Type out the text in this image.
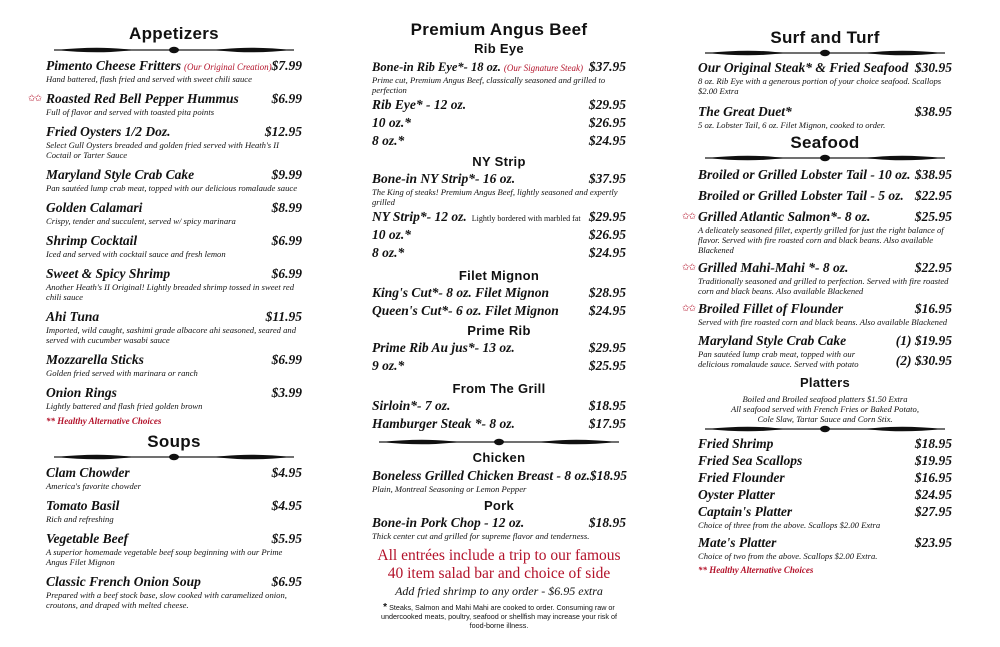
Appetizers
Pimento Cheese Fritters (Our Original Creation) $7.99
Hand battered, flash fried and served with sweet chili sauce
✩✩ Roasted Red Bell Pepper Hummus $6.99
Full of flavor and served with toasted pita points
Fried Oysters 1/2 Doz.	$12.95
Select Gull Oysters breaded and golden fried served with Heath's II Coctail or Tarter Sauce
Maryland Style Crab Cake	$9.99
Pan sautéed lump crab meat, topped with our delicious romalaude sauce
Golden Calamari	$8.99
Crispy, tender and succulent, served w/ spicy marinara
Shrimp Cocktail	$6.99
Iced and served with cocktail sauce and fresh lemon
Sweet & Spicy Shrimp	$6.99
Another Heath's II Original! Lightly breaded shrimp tossed in sweet red chili sauce
Ahi Tuna	$11.95
Imported, wild caught, sashimi grade albacore ahi seasoned, seared and served with cucumber wasabi sauce
Mozzarella Sticks	$6.99
Golden fried served with marinara or ranch
Onion Rings	$3.99
Lightly battered and flash fried golden brown
** Healthy Alternative Choices
Soups
Clam Chowder	$4.95
America's favorite chowder
Tomato Basil	$4.95
Rich and refreshing
Vegetable Beef	$5.95
A superior homemade vegetable beef soup beginning with our Prime Angus Filet Mignon
Classic French Onion Soup	$6.95
Prepared with a beef stock base, slow cooked with caramelized onion, croutons, and draped with melted cheese.
Premium Angus Beef
Rib Eye
Bone-in Rib Eye*- 18 oz. (Our Signature Steak) $37.95
Prime cut, Premium Angus Beef, classically seasoned and grilled to perfection
Rib Eye* - 12 oz.	$29.95
10 oz.*	$26.95
8 oz.*	$24.95
NY Strip
Bone-in NY Strip*- 16 oz.	$37.95
The King of steaks! Premium Angus Beef, lightly seasoned and expertly grilled
NY Strip*- 12 oz. Lightly bordered with marbled fat $29.95
10 oz.*	$26.95
8 oz.*	$24.95
Filet Mignon
King's Cut*- 8 oz. Filet Mignon	$28.95
Queen's Cut*- 6 oz. Filet Mignon $24.95
Prime Rib
Prime Rib Au jus*- 13 oz.	$29.95
9 oz.*	$25.95
From The Grill
Sirloin*- 7 oz.	$18.95
Hamburger Steak *- 8 oz.	$17.95
Chicken
Boneless Grilled Chicken Breast - 8 oz. $18.95
Plain, Montreal Seasoning or Lemon Pepper
Pork
Bone-in Pork Chop - 12 oz.	$18.95
Thick center cut and grilled for supreme flavor and tenderness.
All entrées include a trip to our famous
40 item salad bar and choice of side
Add fried shrimp to any order - $6.95 extra
* Steaks, Salmon and Mahi Mahi are cooked to order. Consuming raw or undercooked meats, poultry, seafood or shellfish may increase your risk of food-borne illness.
Surf and Turf
Our Original Steak* & Fried Seafood $30.95
8 oz. Rib Eye with a generous portion of your choice seafood. Scallops $2.00 Extra
The Great Duet*	$38.95
5 oz. Lobster Tail, 6 oz. Filet Mignon, cooked to order.
Seafood
Broiled or Grilled Lobster Tail - 10 oz. $38.95
Broiled or Grilled Lobster Tail - 5 oz. $22.95
✩✩ Grilled Atlantic Salmon*- 8 oz.	$25.95
A delicately seasoned fillet, expertly grilled for just the right balance of flavor. Served with fire roasted corn and black beans. Also available Blackened
✩✩ Grilled Mahi-Mahi *- 8 oz.	$22.95
Traditionally seasoned and grilled to perfection. Served with fire roasted corn and black beans. Also available Blackened
✩✩ Broiled Fillet of Flounder	$16.95
Served with fire roasted corn and black beans. Also available Blackened
Maryland Style Crab Cake	(1) $19.95
Pan sautéed lump crab meat, topped with our delicious romalaude sauce. Served with potato	(2) $30.95
Platters
Boiled and Broiled seafood platters $1.50 Extra
All seafood served with French Fries or Baked Potato,
Cole Slaw, Tartar Sauce and Corn Stix.
Fried Shrimp	$18.95
Fried Sea Scallops	$19.95
Fried Flounder	$16.95
Oyster Platter	$24.95
Captain's Platter	$27.95
Choice of three from the above. Scallops $2.00 Extra
Mate's Platter	$23.95
Choice of two from the above. Scallops $2.00 Extra.
** Healthy Alternative Choices
